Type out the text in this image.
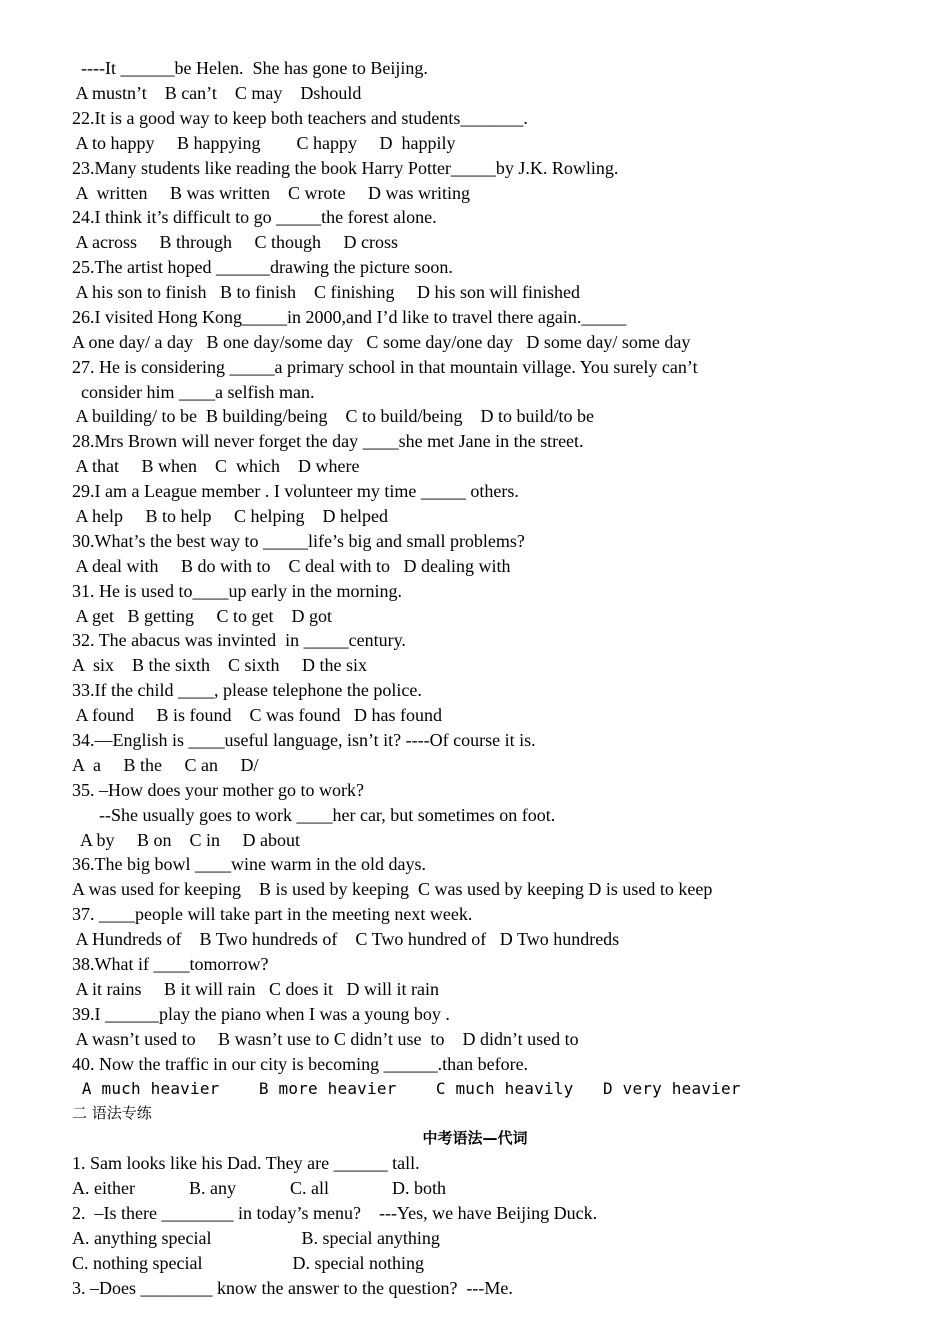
----It ______be Helen.  She has gone to Beijing.
A mustn’t    B can’t    C may    Dshould
22.It is a good way to keep both teachers and students_______.
A to happy     B happying        C happy     D  happily
23.Many students like reading the book Harry Potter_____by J.K. Rowling.
A  written     B was written    C wrote     D was writing
24.I think it’s difficult to go _____the forest alone.
A across     B through     C though     D cross
25.The artist hoped ______drawing the picture soon.
A his son to finish   B to finish    C finishing     D his son will finished
26.I visited Hong Kong_____in 2000,and I’d like to travel there again._____
A one day/ a day   B one day/some day   C some day/one day   D some day/ some day
27. He is considering _____a primary school in that mountain village. You surely can’t
consider him ____a selfish man.
A building/ to be  B building/being    C to build/being    D to build/to be
28.Mrs Brown will never forget the day ____she met Jane in the street.
A that     B when    C  which    D where
29.I am a League member . I volunteer my time _____ others.
A help     B to help     C helping    D helped
30.What’s the best way to _____life’s big and small problems?
A deal with     B do with to    C deal with to   D dealing with
31. He is used to____up early in the morning.
A get   B getting     C to get    D got
32. The abacus was invinted  in _____century.
A  six    B the sixth    C sixth     D the six
33.If the child ____, please telephone the police.
A found     B is found    C was found   D has found
34.—English is ____useful language, isn’t it? ----Of course it is.
A  a     B the     C an     D/
35. –How does your mother go to work?
--She usually goes to work ____her car, but sometimes on foot.
A by     B on    C in     D about
36.The big bowl ____wine warm in the old days.
A was used for keeping    B is used by keeping  C was used by keeping D is used to keep
37. ____people will take part in the meeting next week.
A Hundreds of    B Two hundreds of    C Two hundred of   D Two hundreds
38.What if ____tomorrow?
A it rains     B it will rain   C does it   D will it rain
39.I ______play the piano when I was a young boy .
A wasn’t used to     B wasn’t use to C didn’t use  to    D didn’t used to
40. Now the traffic in our city is becoming ______.than before.
A much heavier    B more heavier    C much heavily   D very heavier
二 语法专练
中考语法—代词
1. Sam looks like his Dad. They are ______ tall.
A. either            B. any            C. all              D. both
2.  –Is there ________ in today’s menu?    ---Yes, we have Beijing Duck.
A. anything special                    B. special anything
C. nothing special                    D. special nothing
3. –Does ________ know the answer to the question?  ---Me.
